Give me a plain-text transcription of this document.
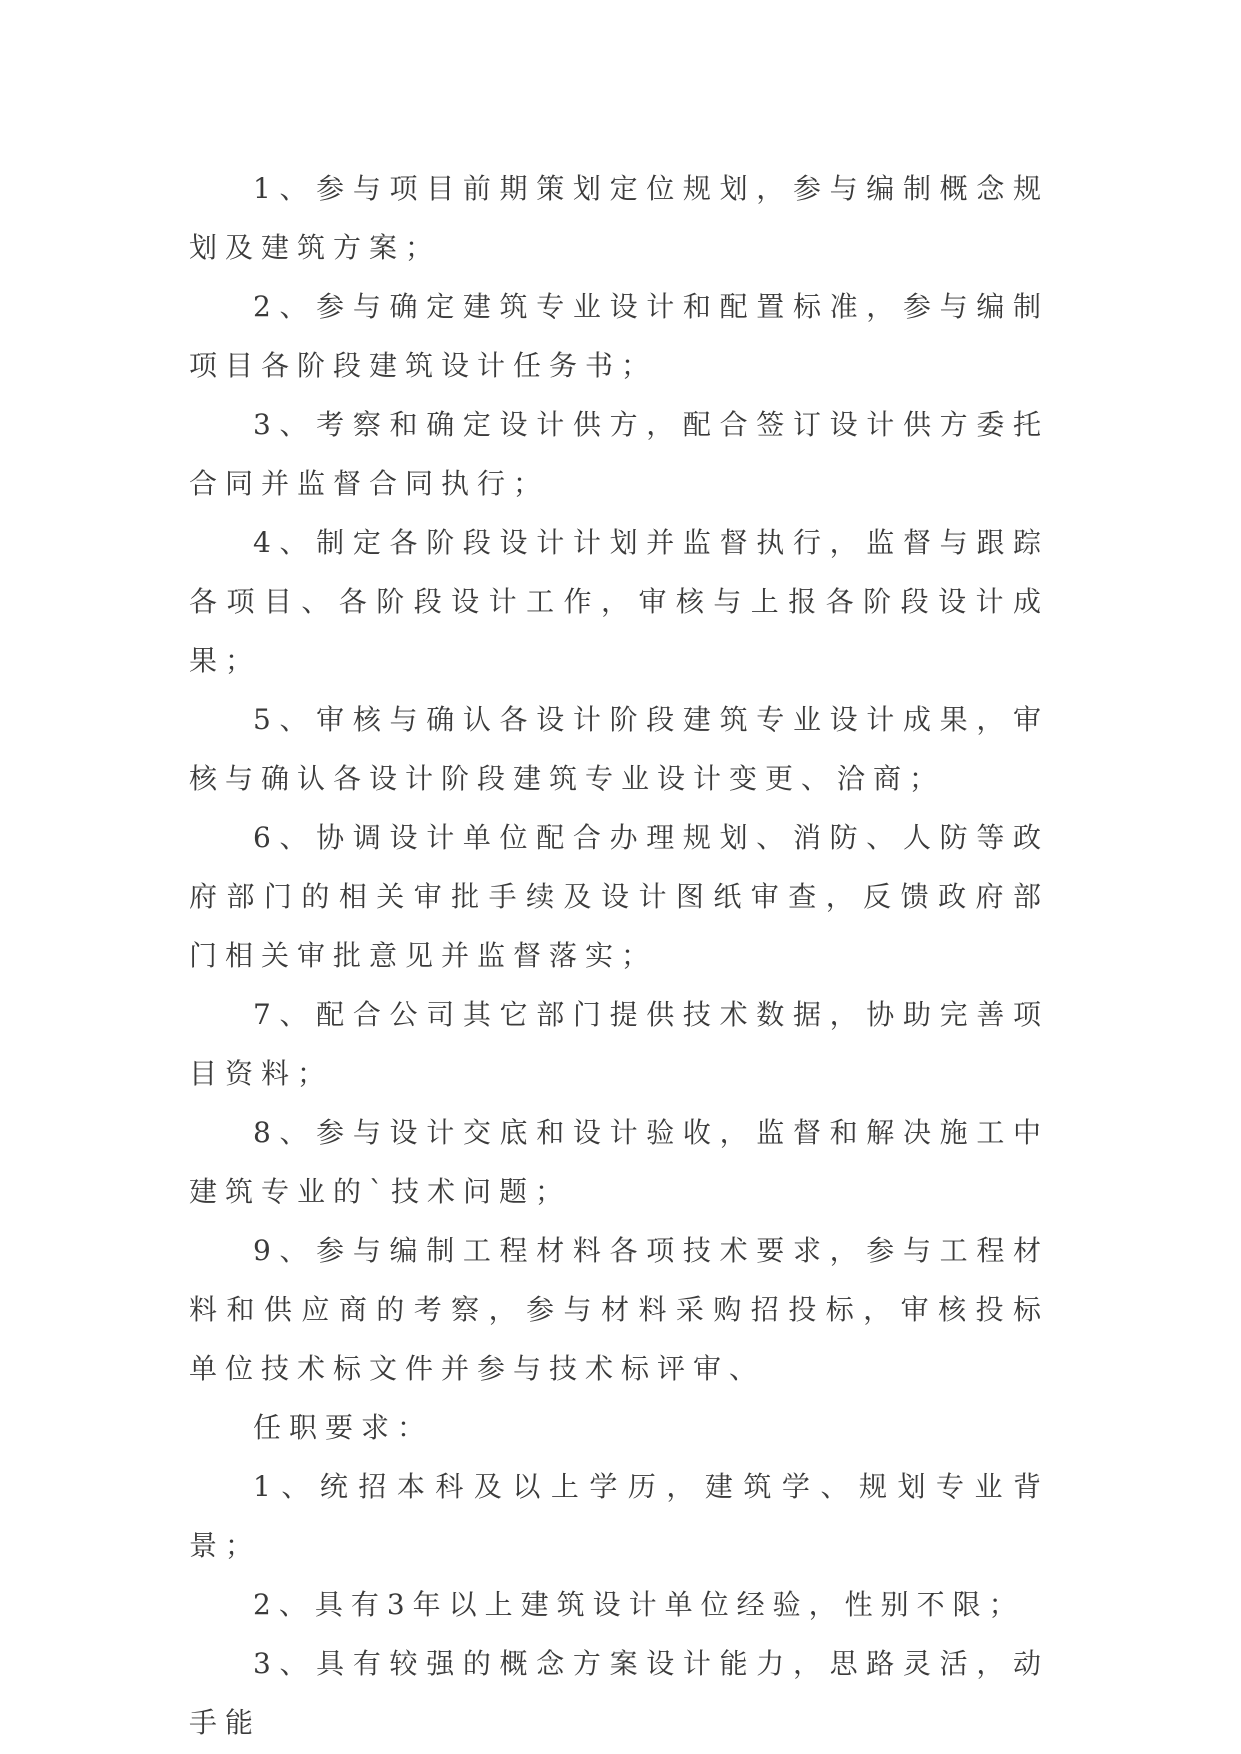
1、参与项目前期策划定位规划，参与编制概念规划及建筑方案；

2、参与确定建筑专业设计和配置标准，参与编制项目各阶段建筑设计任务书；

3、考察和确定设计供方，配合签订设计供方委托合同并监督合同执行；

4、制定各阶段设计计划并监督执行，监督与跟踪各项目、各阶段设计工作，审核与上报各阶段设计成果；

5、审核与确认各设计阶段建筑专业设计成果，审核与确认各设计阶段建筑专业设计变更、洽商；

6、协调设计单位配合办理规划、消防、人防等政府部门的相关审批手续及设计图纸审查，反馈政府部门相关审批意见并监督落实；

7、配合公司其它部门提供技术数据，协助完善项目资料；

8、参与设计交底和设计验收，监督和解决施工中建筑专业的`技术问题；

9、参与编制工程材料各项技术要求，参与工程材料和供应商的考察，参与材料采购招投标，审核投标单位技术标文件并参与技术标评审、

任职要求：

1、统招本科及以上学历，建筑学、规划专业背景；

2、具有3年以上建筑设计单位经验，性别不限；

3、具有较强的概念方案设计能力，思路灵活，动手能
